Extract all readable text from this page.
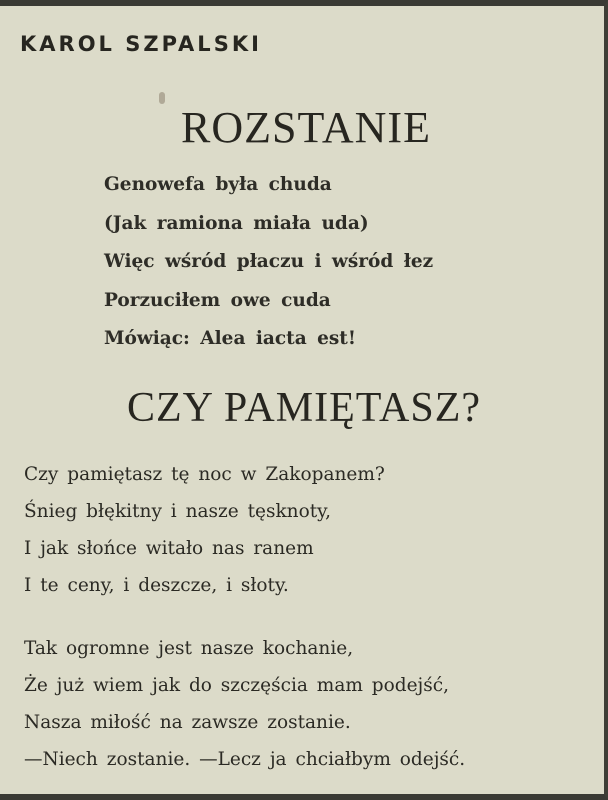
KAROL SZPALSKI
ROZSTANIE
Genowefa była chuda
(Jak ramiona miała uda)
Więc wśród płaczu i wśród łez
Porzuciłem owe cuda
Mówiąc: Alea iacta est!
CZY PAMIĘTASZ?
Czy pamiętasz tę noc w Zakopanem?
Śnieg błękitny i nasze tęsknoty,
I jak słońce witało nas ranem
I te ceny, i deszcze, i słoty.
Tak ogromne jest nasze kochanie,
Że już wiem jak do szczęścia mam podejść,
Nasza miłość na zawsze zostanie.
—Niech zostanie. —Lecz ja chciałbym odejść.
